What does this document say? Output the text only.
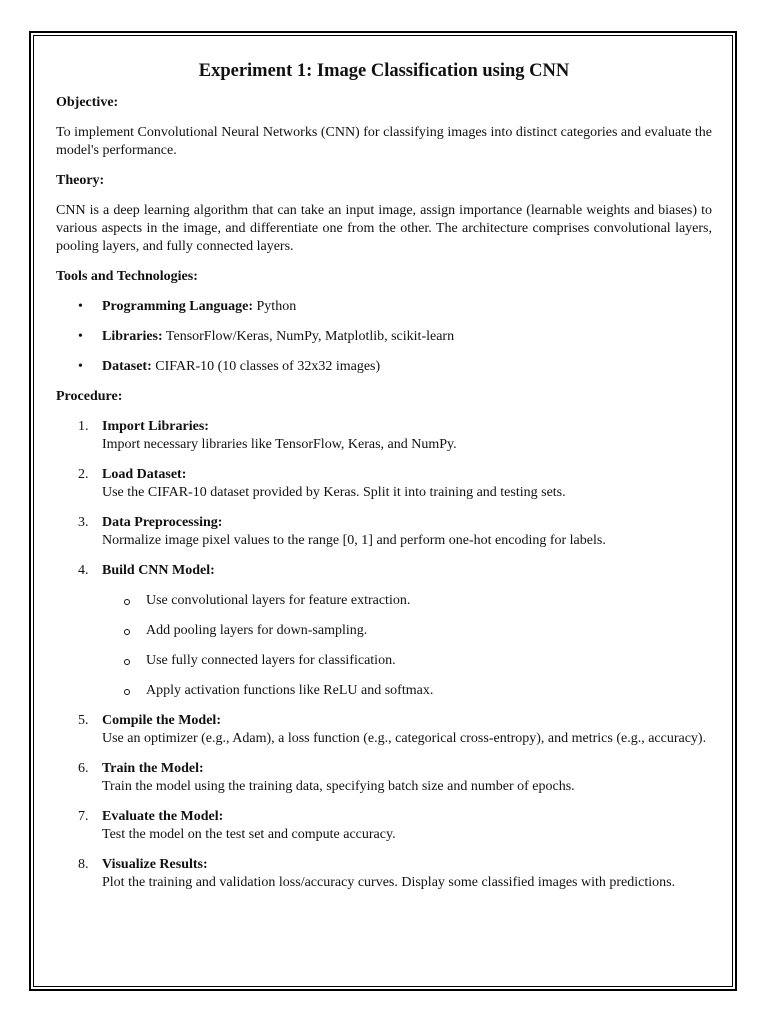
Experiment 1: Image Classification using CNN
Objective:
To implement Convolutional Neural Networks (CNN) for classifying images into distinct categories and evaluate the model's performance.
Theory:
CNN is a deep learning algorithm that can take an input image, assign importance (learnable weights and biases) to various aspects in the image, and differentiate one from the other. The architecture comprises convolutional layers, pooling layers, and fully connected layers.
Tools and Technologies:
• Programming Language: Python
• Libraries: TensorFlow/Keras, NumPy, Matplotlib, scikit-learn
• Dataset: CIFAR-10 (10 classes of 32x32 images)
Procedure:
1. Import Libraries:
Import necessary libraries like TensorFlow, Keras, and NumPy.
2. Load Dataset:
Use the CIFAR-10 dataset provided by Keras. Split it into training and testing sets.
3. Data Preprocessing:
Normalize image pixel values to the range [0, 1] and perform one-hot encoding for labels.
4. Build CNN Model:
Use convolutional layers for feature extraction.
Add pooling layers for down-sampling.
Use fully connected layers for classification.
Apply activation functions like ReLU and softmax.
5. Compile the Model:
Use an optimizer (e.g., Adam), a loss function (e.g., categorical cross-entropy), and metrics (e.g., accuracy).
6. Train the Model:
Train the model using the training data, specifying batch size and number of epochs.
7. Evaluate the Model:
Test the model on the test set and compute accuracy.
8. Visualize Results:
Plot the training and validation loss/accuracy curves. Display some classified images with predictions.
